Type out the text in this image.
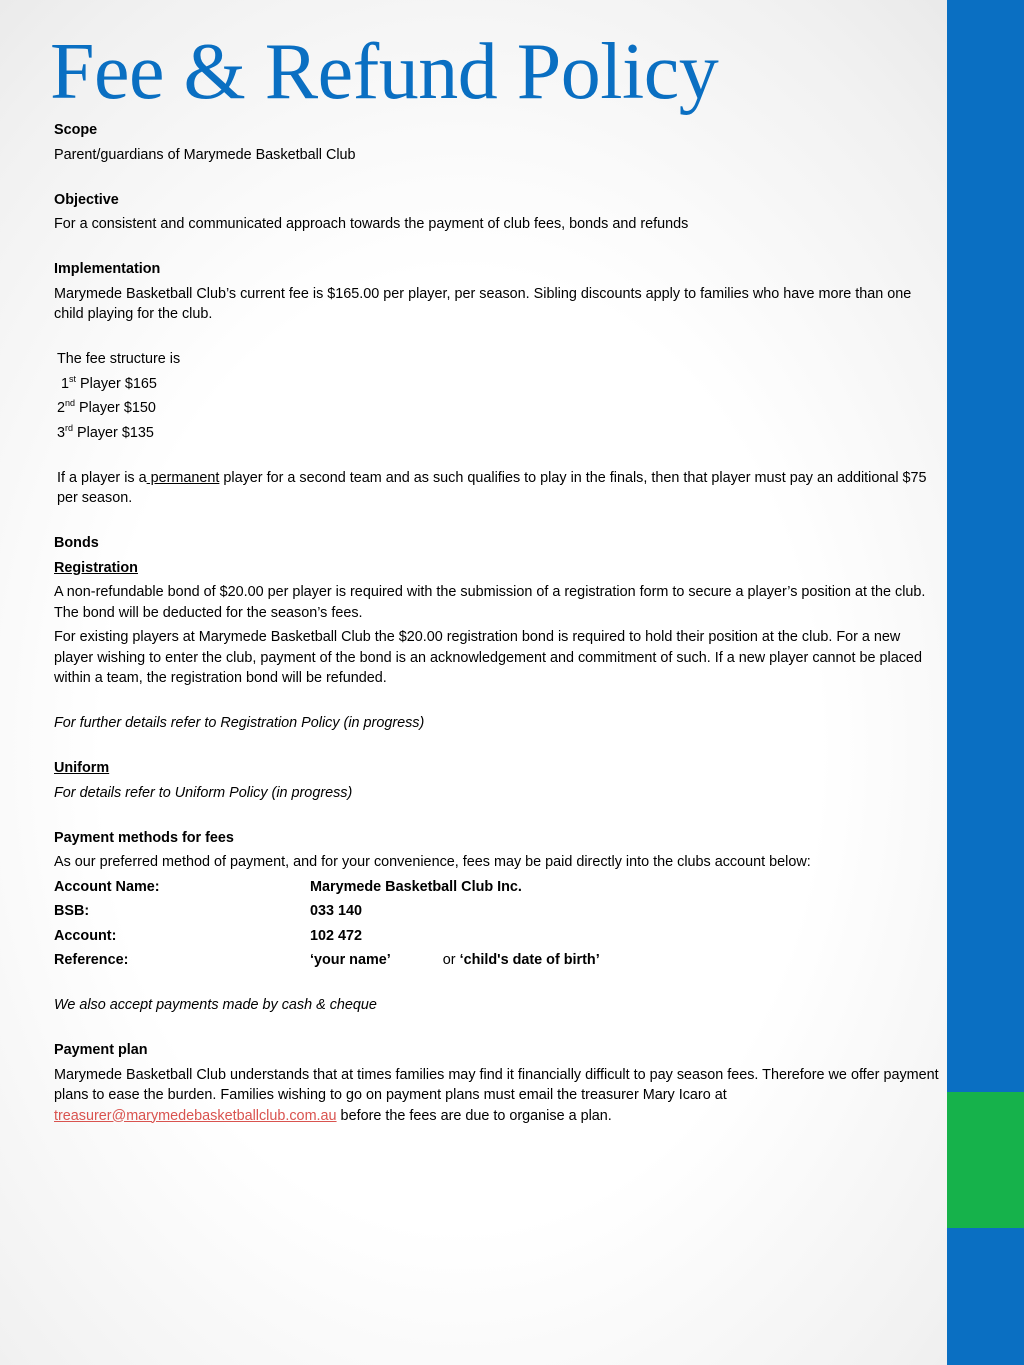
Fee & Refund Policy

Scope

Parent/guardians of Marymede Basketball Club

Objective

For a consistent and communicated approach towards the payment of club fees, bonds and refunds

Implementation

Marymede Basketball Club’s current fee is $165.00 per player, per season. Sibling discounts apply to families who have more than one child playing for the club.

The fee structure is

1st Player $165

2nd Player $150

3rd Player $135

If a player is a permanent player for a second team and as such qualifies to play in the finals, then that player must pay an additional $75 per season.

Bonds

Registration

A non-refundable bond of $20.00 per player is required with the submission of a registration form to secure a player’s position at the club. The bond will be deducted for the season’s fees.

For existing players at Marymede Basketball Club the $20.00 registration bond is required to hold their position at the club. For a new player wishing to enter the club, payment of the bond is an acknowledgement and commitment of such. If a new player cannot be placed within a team, the registration bond will be refunded.

For further details refer to Registration Policy (in progress)

Uniform

For details refer to Uniform Policy (in progress)

Payment methods for fees

As our preferred method of payment, and for your convenience, fees may be paid directly into the clubs account below:

Account Name:	Marymede Basketball Club Inc.
BSB:	033 140
Account:	102 472
Reference:	‘your name’	or ‘child's date of birth’

We also accept payments made by cash & cheque

Payment plan

Marymede Basketball Club understands that at times families may find it financially difficult to pay season fees. Therefore we offer payment plans to ease the burden. Families wishing to go on payment plans must email the treasurer Mary Icaro at
treasurer@marymedebasketballclub.com.au before the fees are due to organise a plan.
